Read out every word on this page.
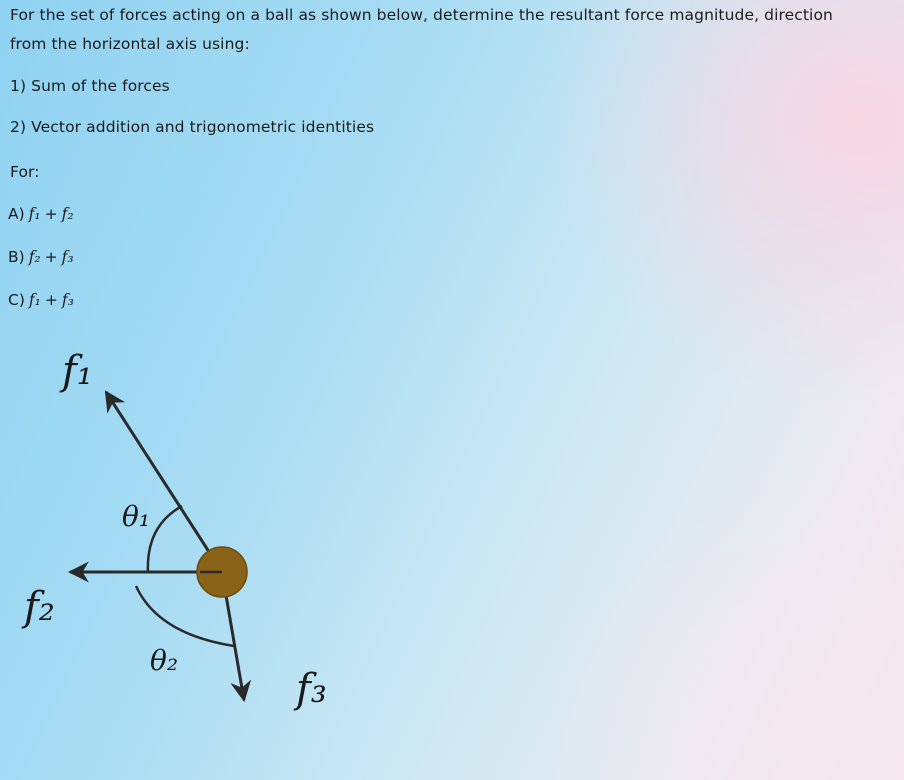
For the set of forces acting on a ball as shown below, determine the resultant force magnitude, direction
from the horizontal axis using:
1) Sum of the forces
2) Vector addition and trigonometric identities
For:
A) f₁ + f₂
B) f₂ + f₃
C) f₁ + f₃
f₁
f₂
f₃
θ₁
θ₂
